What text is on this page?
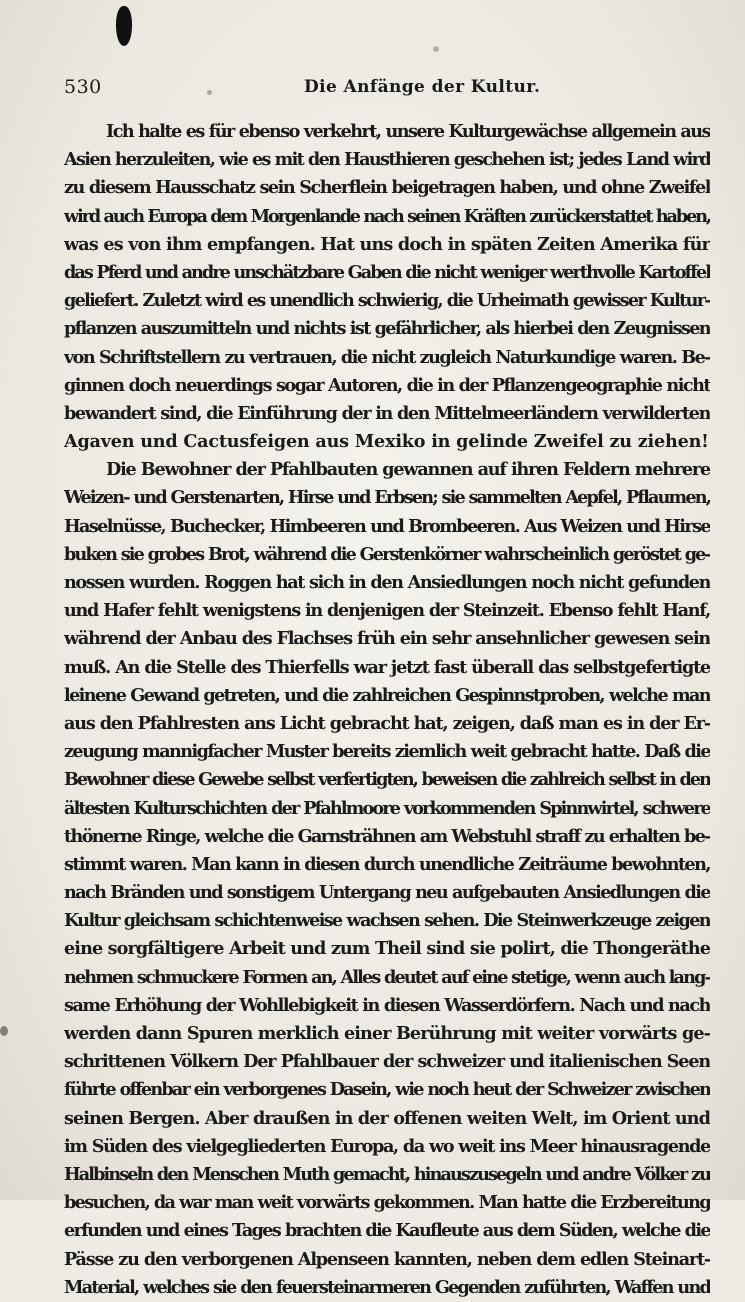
530	Die Anfänge der Kultur.
Ich halte es für ebenso verkehrt, unsere Kulturgewächse allgemein aus
Asien herzuleiten, wie es mit den Hausthieren geschehen ist; jedes Land wird
zu diesem Hausschatz sein Scherflein beigetragen haben, und ohne Zweifel
wird auch Europa dem Morgenlande nach seinen Kräften zurückerstattet haben,
was es von ihm empfangen. Hat uns doch in späten Zeiten Amerika für
das Pferd und andre unschätzbare Gaben die nicht weniger werthvolle Kartoffel
geliefert. Zuletzt wird es unendlich schwierig, die Urheimath gewisser Kultur-
pflanzen auszumitteln und nichts ist gefährlicher, als hierbei den Zeugnissen
von Schriftstellern zu vertrauen, die nicht zugleich Naturkundige waren. Be-
ginnen doch neuerdings sogar Autoren, die in der Pflanzengeographie nicht
bewandert sind, die Einführung der in den Mittelmeerländern verwilderten
Agaven und Cactusfeigen aus Mexiko in gelinde Zweifel zu ziehen!
Die Bewohner der Pfahlbauten gewannen auf ihren Feldern mehrere
Weizen- und Gerstenarten, Hirse und Erbsen; sie sammelten Aepfel, Pflaumen,
Haselnüsse, Buchecker, Himbeeren und Brombeeren. Aus Weizen und Hirse
buken sie grobes Brot, während die Gerstenkörner wahrscheinlich geröstet ge-
nossen wurden. Roggen hat sich in den Ansiedlungen noch nicht gefunden
und Hafer fehlt wenigstens in denjenigen der Steinzeit. Ebenso fehlt Hanf,
während der Anbau des Flachses früh ein sehr ansehnlicher gewesen sein
muß. An die Stelle des Thierfells war jetzt fast überall das selbstgefertigte
leinene Gewand getreten, und die zahlreichen Gespinnstproben, welche man
aus den Pfahlresten ans Licht gebracht hat, zeigen, daß man es in der Er-
zeugung mannigfacher Muster bereits ziemlich weit gebracht hatte. Daß die
Bewohner diese Gewebe selbst verfertigten, beweisen die zahlreich selbst in den
ältesten Kulturschichten der Pfahlmoore vorkommenden Spinnwirtel, schwere
thönerne Ringe, welche die Garnsträhnen am Webstuhl straff zu erhalten be-
stimmt waren. Man kann in diesen durch unendliche Zeiträume bewohnten,
nach Bränden und sonstigem Untergang neu aufgebauten Ansiedlungen die
Kultur gleichsam schichtenweise wachsen sehen. Die Steinwerkzeuge zeigen
eine sorgfältigere Arbeit und zum Theil sind sie polirt, die Thongeräthe
nehmen schmuckere Formen an, Alles deutet auf eine stetige, wenn auch lang-
same Erhöhung der Wohllebigkeit in diesen Wasserdörfern. Nach und nach
werden dann Spuren merklich einer Berührung mit weiter vorwärts ge-
schrittenen Völkern Der Pfahlbauer der schweizer und italienischen Seen
führte offenbar ein verborgenes Dasein, wie noch heut der Schweizer zwischen
seinen Bergen. Aber draußen in der offenen weiten Welt, im Orient und
im Süden des vielgegliederten Europa, da wo weit ins Meer hinausragende
Halbinseln den Menschen Muth gemacht, hinauszusegeln und andre Völker zu
besuchen, da war man weit vorwärts gekommen. Man hatte die Erzbereitung
erfunden und eines Tages brachten die Kaufleute aus dem Süden, welche die
Pässe zu den verborgenen Alpenseen kannten, neben dem edlen Steinart-
Material, welches sie den feuersteinarmeren Gegenden zuführten, Waffen und
